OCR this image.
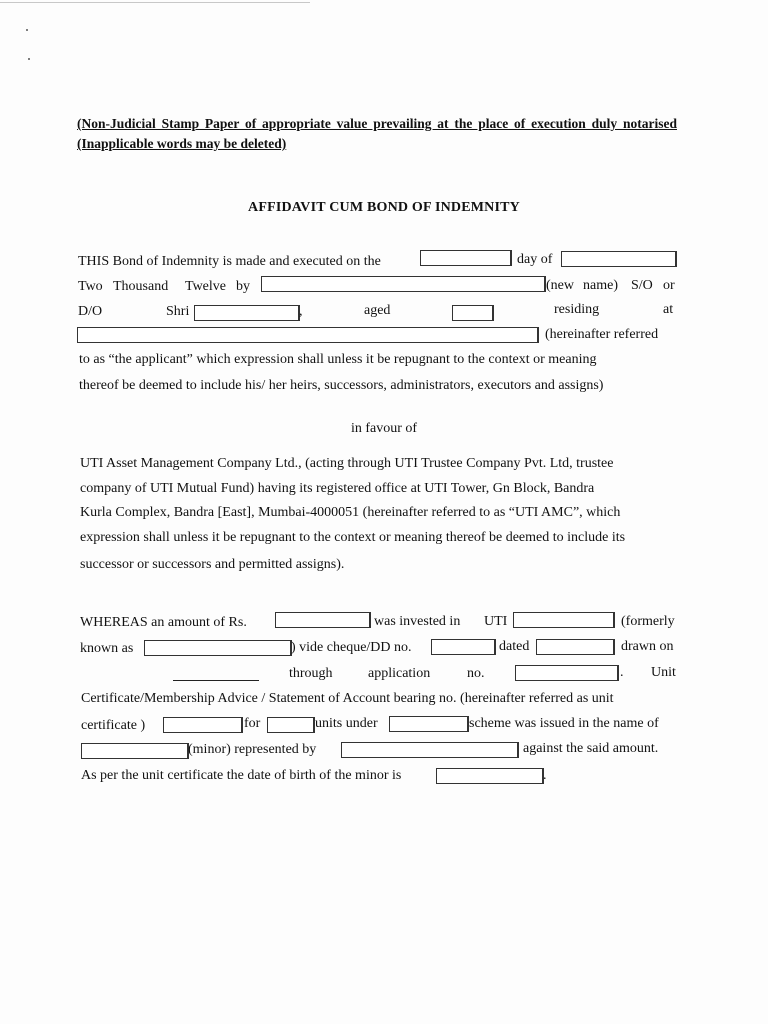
(Non-Judicial Stamp Paper of appropriate value prevailing at the place of execution duly notarised (Inapplicable words may be deleted)
AFFIDAVIT CUM BOND OF INDEMNITY
THIS Bond of Indemnity is made and executed on the	day of
Two Thousand Twelve by	(new name) S/O or
D/O	Shri	,	aged	residing	at
(hereinafter referred
to as “the applicant” which expression shall unless it be repugnant to the context or meaning
thereof be deemed to include his/ her heirs, successors, administrators, executors and assigns)
in favour of
UTI Asset Management Company Ltd., (acting through UTI Trustee Company Pvt. Ltd, trustee
company of UTI Mutual Fund) having its registered office at UTI Tower, Gn Block, Bandra
Kurla Complex, Bandra [East], Mumbai-4000051 (hereinafter referred to as “UTI AMC”, which
expression shall unless it be repugnant to the context or meaning thereof be deemed to include its
successor or successors and permitted assigns).
WHEREAS an amount of Rs.	was invested in UTI	(formerly
known as	) vide cheque/DD no.	dated	drawn on
through	application	no.	. Unit
Certificate/Membership Advice / Statement of Account bearing no. (hereinafter referred as unit
certificate )	for	units under	scheme was issued in the name of
(minor) represented by	against the said amount.
As per the unit certificate the date of birth of the minor is	.
